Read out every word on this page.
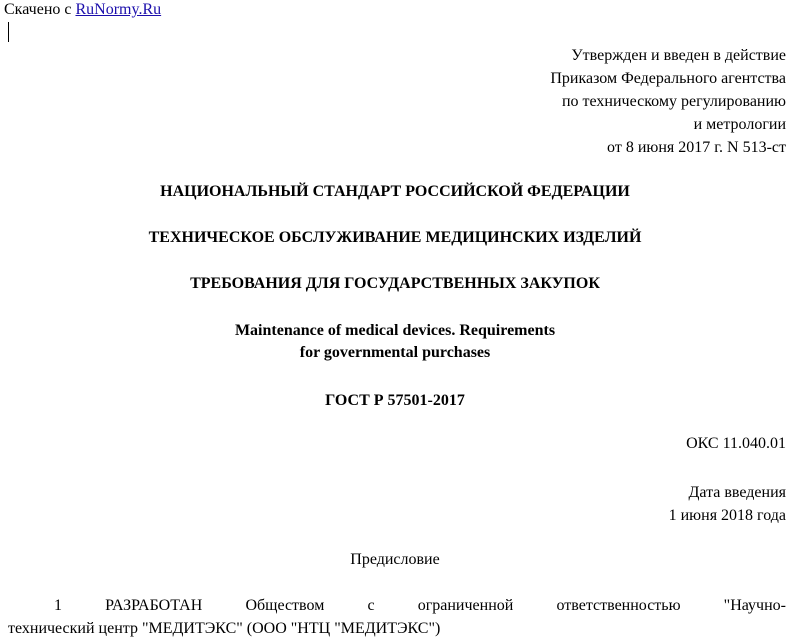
Скачено с RuNormy.Ru
Утвержден и введен в действие
Приказом Федерального агентства
по техническому регулированию
и метрологии
от 8 июня 2017 г. N 513-ст
НАЦИОНАЛЬНЫЙ СТАНДАРТ РОССИЙСКОЙ ФЕДЕРАЦИИ
ТЕХНИЧЕСКОЕ ОБСЛУЖИВАНИЕ МЕДИЦИНСКИХ ИЗДЕЛИЙ
ТРЕБОВАНИЯ ДЛЯ ГОСУДАРСТВЕННЫХ ЗАКУПОК
Maintenance of medical devices. Requirements
for governmental purchases
ГОСТ Р 57501-2017
ОКС 11.040.01
Дата введения
1 июня 2018 года
Предисловие
1 РАЗРАБОТАН Обществом с ограниченной ответственностью "Научно-
технический центр "МЕДИТЭКС" (ООО "НТЦ "МЕДИТЭКС")
